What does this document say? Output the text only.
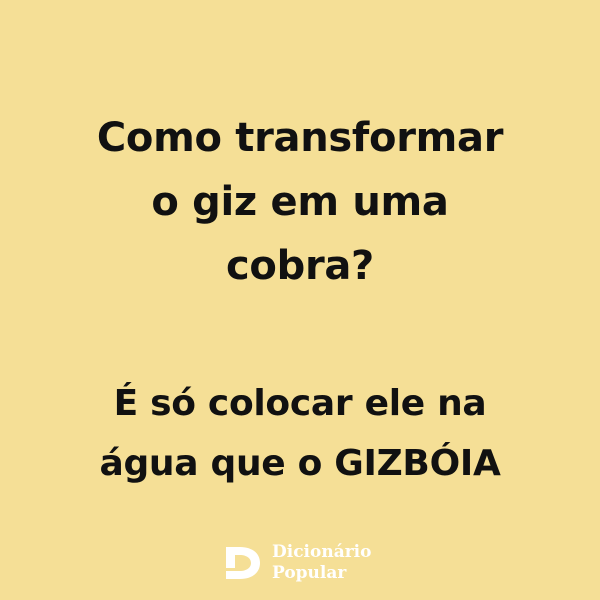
Como transformar
o giz em uma
cobra?
É só colocar ele na
água que o GIZBÓIA
Dicionário
Popular
